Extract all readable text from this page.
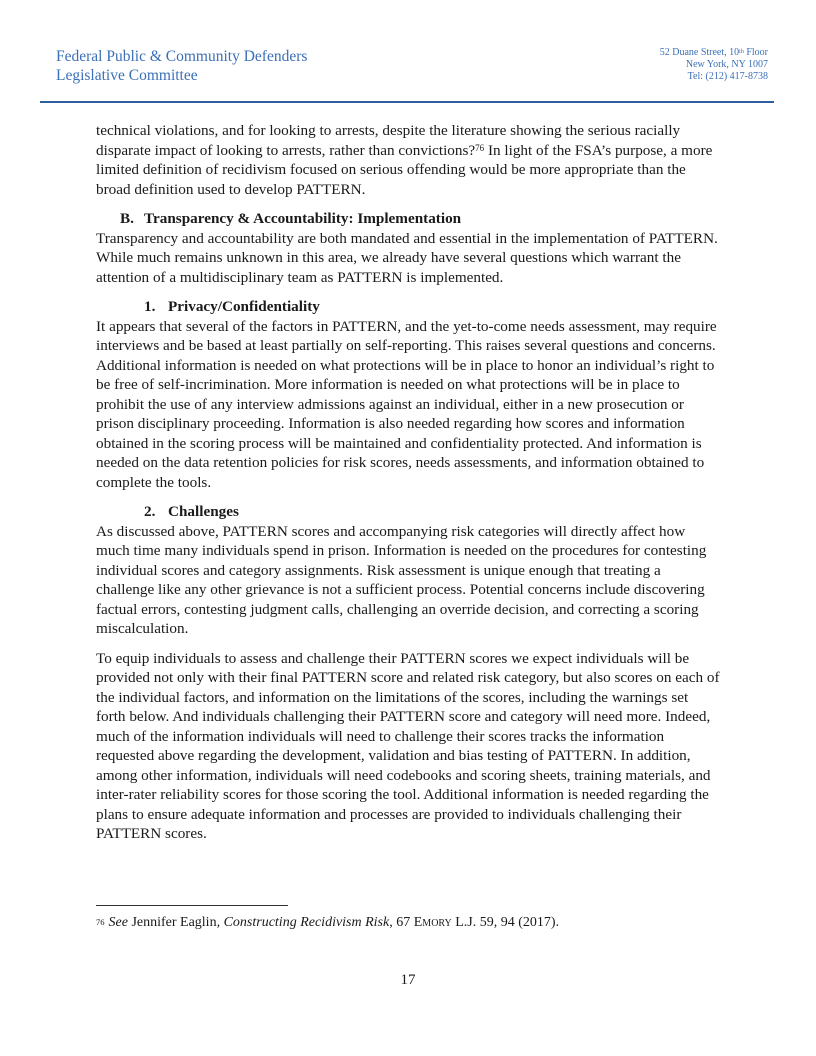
Federal Public & Community Defenders
Legislative Committee
52 Duane Street, 10th Floor
New York, NY 1007
Tel: (212) 417-8738

technical violations, and for looking to arrests, despite the literature showing the serious racially disparate impact of looking to arrests, rather than convictions?$^{76}$ In light of the FSA’s purpose, a more limited definition of recidivism focused on serious offending would be more appropriate than the broad definition used to develop PATTERN.

B. Transparency & Accountability: Implementation

Transparency and accountability are both mandated and essential in the implementation of PATTERN. While much remains unknown in this area, we already have several questions which warrant the attention of a multidisciplinary team as PATTERN is implemented.

1. Privacy/Confidentiality

It appears that several of the factors in PATTERN, and the yet-to-come needs assessment, may require interviews and be based at least partially on self-reporting. This raises several questions and concerns. Additional information is needed on what protections will be in place to honor an individual’s right to be free of self-incrimination. More information is needed on what protections will be in place to prohibit the use of any interview admissions against an individual, either in a new prosecution or prison disciplinary proceeding. Information is also needed regarding how scores and information obtained in the scoring process will be maintained and confidentiality protected. And information is needed on the data retention policies for risk scores, needs assessments, and information obtained to complete the tools.

2. Challenges

As discussed above, PATTERN scores and accompanying risk categories will directly affect how much time many individuals spend in prison. Information is needed on the procedures for contesting individual scores and category assignments. Risk assessment is unique enough that treating a challenge like any other grievance is not a sufficient process. Potential concerns include discovering factual errors, contesting judgment calls, challenging an override decision, and correcting a scoring miscalculation.

To equip individuals to assess and challenge their PATTERN scores we expect individuals will be provided not only with their final PATTERN score and related risk category, but also scores on each of the individual factors, and information on the limitations of the scores, including the warnings set forth below. And individuals challenging their PATTERN score and category will need more. Indeed, much of the information individuals will need to challenge their scores tracks the information requested above regarding the development, validation and bias testing of PATTERN. In addition, among other information, individuals will need codebooks and scoring sheets, training materials, and inter-rater reliability scores for those scoring the tool. Additional information is needed regarding the plans to ensure adequate information and processes are provided to individuals challenging their PATTERN scores.

$^{76}$ See Jennifer Eaglin, Constructing Recidivism Risk, 67 Emory L.J. 59, 94 (2017).
17
